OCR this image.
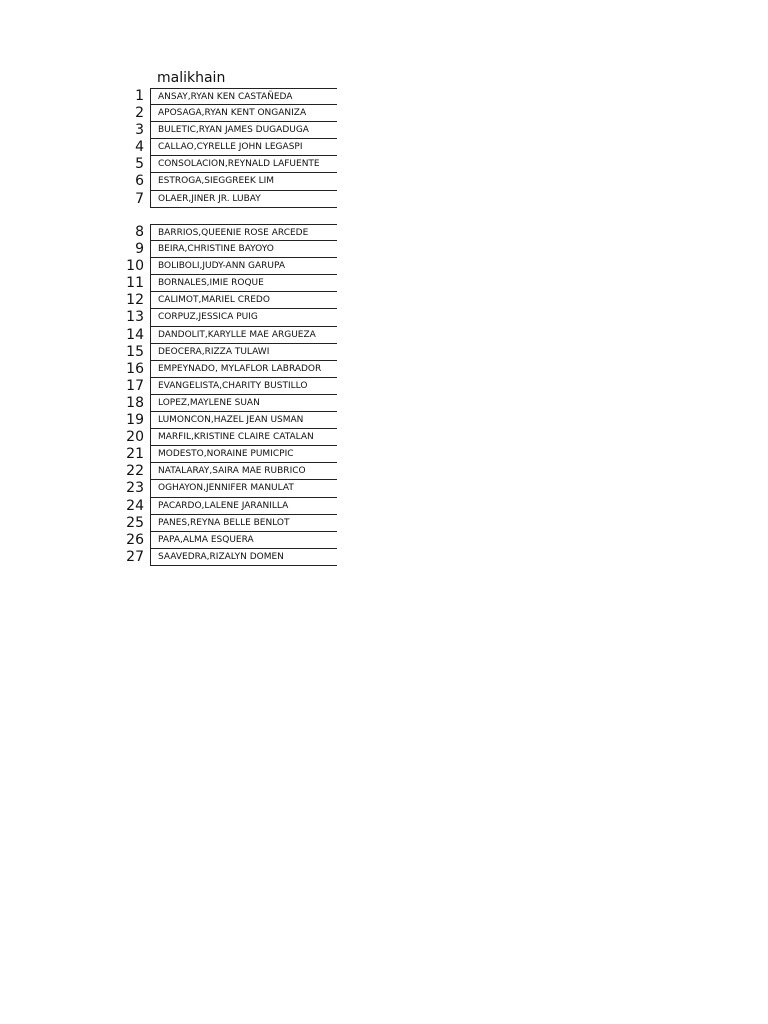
malikhain
1	ANSAY,RYAN KEN CASTAÑEDA
2	APOSAGA,RYAN KENT ONGANIZA
3	BULETIC,RYAN JAMES DUGADUGA
4	CALLAO,CYRELLE JOHN LEGASPI
5	CONSOLACION,REYNALD LAFUENTE
6	ESTROGA,SIEGGREEK LIM
7	OLAER,JINER JR. LUBAY
8	BARRIOS,QUEENIE ROSE ARCEDE
9	BEIRA,CHRISTINE BAYOYO
10	BOLIBOLI,JUDY-ANN GARUPA
11	BORNALES,IMIE ROQUE
12	CALIMOT,MARIEL CREDO
13	CORPUZ,JESSICA PUIG
14	DANDOLIT,KARYLLE MAE ARGUEZA
15	DEOCERA,RIZZA TULAWI
16	EMPEYNADO, MYLAFLOR LABRADOR
17	EVANGELISTA,CHARITY BUSTILLO
18	LOPEZ,MAYLENE SUAN
19	LUMONCON,HAZEL JEAN USMAN
20	MARFIL,KRISTINE CLAIRE CATALAN
21	MODESTO,NORAINE PUMICPIC
22	NATALARAY,SAIRA MAE RUBRICO
23	OGHAYON,JENNIFER MANULAT
24	PACARDO,LALENE JARANILLA
25	PANES,REYNA BELLE BENLOT
26	PAPA,ALMA ESQUERA
27	SAAVEDRA,RIZALYN DOMEN
